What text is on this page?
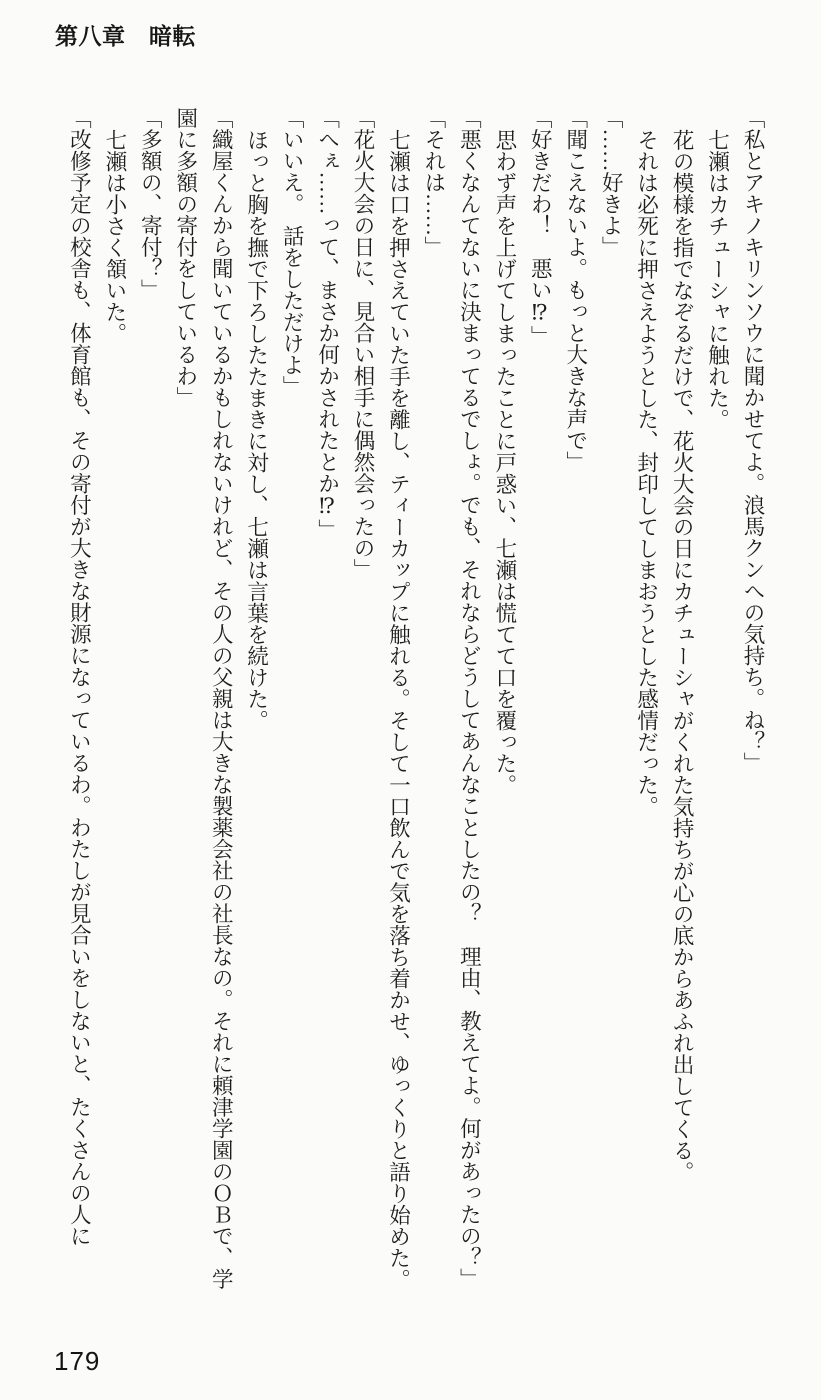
第八章　暗転

「私とアキノキリンソウに聞かせてよ。浪馬クンへの気持ち。ね？」

七瀬はカチューシャに触れた。

花の模様を指でなぞるだけで、花火大会の日にカチューシャがくれた気持ちが心の底からあふれ出してくる。

それは必死に押さえようとした、封印してしまおうとした感情だった。

「……好きよ」

「聞こえないよ。もっと大きな声で」

「好きだわ！　悪い⁉」

思わず声を上げてしまったことに戸惑い、七瀬は慌てて口を覆った。

「悪くなんてないに決まってるでしょ。でも、それならどうしてあんなことしたの？　理由、教えてよ。何があったの？」

「それは……」

七瀬は口を押さえていた手を離し、ティーカップに触れる。そして一口飲んで気を落ち着かせ、ゆっくりと語り始めた。

「花火大会の日に、見合い相手に偶然会ったの」

「へぇ……って、まさか何かされたとか⁉」

「いいえ。　話をしただけよ」

ほっと胸を撫で下ろしたたまきに対し、七瀬は言葉を続けた。

「織屋くんから聞いているかもしれないけれど、その人の父親は大きな製薬会社の社長なの。それに頼津学園のＯＢで、学園に多額の寄付をしているわ」

「多額の、寄付？」

七瀬は小さく頷いた。

「改修予定の校舎も、体育館も、その寄付が大きな財源になっているわ。わたしが見合いをしないと、たくさんの人に

179
